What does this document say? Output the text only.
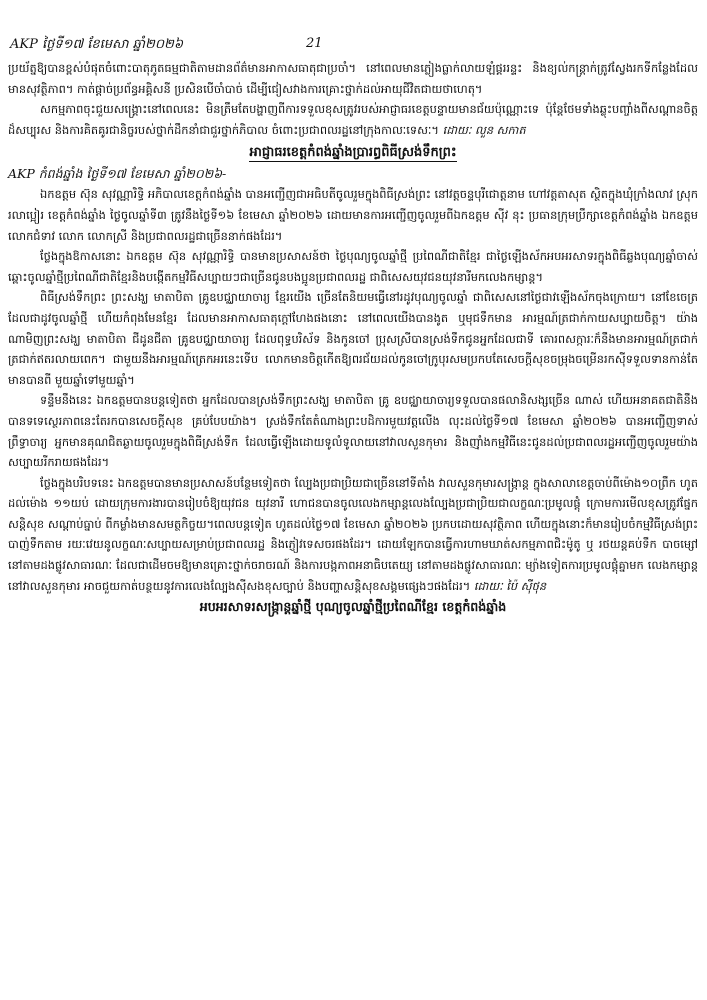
AKP ថ្ងៃទី១៧ ខែមេសា ឆ្នាំ២០២៦	21

ប្រយ័ត្នឱ្យបានខ្ពស់បំផុតចំពោះបាតុភូតធម្មជាតិតាមដានព័ត៌មានអាកាសធាតុជាប្រចាំ។ នៅពេលមានភ្លៀងធ្លាក់លាយឡំផ្គររន្ទះ និងខ្យល់កន្ត្រាក់ត្រូវស្វែងរកទីកន្លែងដែលមានសុវត្ថិភាព។ កាត់ផ្តាច់ប្រព័ន្ធអគ្គិសនី ប្រសិនបើចាំបាច់ ដើម្បីជៀសវាងការគ្រោះថ្នាក់ដល់អាយុជីវិតជាយថាហេតុ។

សកម្មភាពចុះជួយសង្គ្រោះនៅពេលនេះ មិនត្រឹមតែបង្ហាញពីការទទួលខុសត្រូវរបស់អាជ្ញាធរខេត្តបន្ទាយមានជ័យប៉ុណ្ណោះទេ ប៉ុន្តែថែមទាំងឆ្លុះបញ្ចាំងពីសណ្ដានចិត្តដ៏សប្បុរស និងការគិតគូរជានិច្ចរបស់ថ្នាក់ដឹកនាំជាជួរថ្នាក់ភិបាល ចំពោះប្រជាពលរដ្ឋនៅក្រុងកាលៈទេសៈ។ ដោយៈ លួន សកាត

អាជ្ញាធរខេត្តកំពង់ឆ្នាំងប្រារព្ធពិធីស្រង់ទឹកព្រះ
AKP កំពង់ឆ្នាំង ថ្ងៃទី១៧ ខែមេសា ឆ្នាំ២០២៦-

ឯកឧត្តម ស៊ុន សុវណ្ណារិទ្ធិ អភិបាលខេត្តកំពង់ឆ្នាំង បានអញ្ជើញជាអធិបតីចូលរួមក្នុងពិធីស្រង់ព្រះ នៅវត្តចន្ទបុរីជោត្តនាម ហៅវត្តតាសុត ស្ថិតក្នុងឃុំក្រាំងលាវ ស្រុករលាប្អៀរ ខេត្តកំពង់ឆ្នាំង ថ្ងៃចូលឆ្នាំទី៣ ត្រូវនឹងថ្ងៃទី១៦ ខែមេសា ឆ្នាំ២០២៦ ដោយមានការអញ្ជើញចូលរួមពីឯកឧត្តម ស៊ីវ នុះ ប្រធានក្រុមប្រឹក្សាខេត្តកំពង់ឆ្នាំង ឯកឧត្តមលោកជំទាវ លោក លោកស្រី និងប្រជាពលរដ្ឋជាច្រើននាក់ផងដែរ។

ថ្លែងក្នុងឱកាសនោះ ឯកឧត្តម ស៊ុន សុវណ្ណារិទ្ធិ បានមានប្រសាសន៍ថា ថ្ងៃបុណ្យចូលឆ្នាំថ្មី ប្រពៃណីជាតិខ្មែរ ជាថ្ងៃឡើងស័កអបអរសាទរក្នុងពិធីឆ្លងបុណ្យឆ្នាំចាស់ឆ្ពោះចូលឆ្នាំថ្មីប្រពៃណីជាតិខ្មែរនិងបង្កើតកម្មវិធីសប្បាយៗជាច្រើនជូនបងប្អូនប្រជាពលរដ្ឋ ជាពិសេសយុវជនយុវនារីមកលេងកម្សាន្ត។

ពិធីស្រង់ទឹកព្រះ ព្រះសង្ឃ មាតាបិតា គ្រូឧបជ្ឈាយាចារ្យ ខ្មែរយើង ច្រើនតែនិយមធ្វើនៅរដូវបុណ្យចូលឆ្នាំ ជាពិសេសនៅថ្ងៃជាវឡើងស័កចុងក្រោយ។ នៅខែចេត្រ ដែលជាដូវចូលឆ្នាំថ្មី ហើយកំពុងមែនខ្មែរ ដែលមានអាកាសធាតុក្តៅហែងផងនោះ នៅពេលយើងបានងូត ឬមុជទឹកមាន អារម្មណ៍ត្រជាក់កាយសប្បាយចិត្ត។ យ៉ាង ណាមិញព្រះសង្ឃ មាតាបិតា ជីដូនជីតា គ្រូឧបជ្ឈាយាចារ្យ ដែលពុទ្ធបរិស័ទ និងកូនចៅ ប្រុសស្រីបានស្រង់ទឹកជូនអ្នកដែលជាទី គោរពសក្ការៈក៏នឹងមានអារម្មណ៍ត្រជាក់ ត្រជាក់ឥតរលាយពេក។ ជាមួយនឹងអារម្មណ៍ត្រេកអរនេះទើប លោកមានចិត្តកើតឱ្យពរជ័យដល់កូនចៅក្រូបុរសមប្រកបតែសេចក្តីសុខចម្រុងចម្រើនរកស៊ីទទួលទានកាន់តែមានបានពី មួយឆ្នាំទៅមួយឆ្នាំ។

ទន្ទឹមនឹងនេះ ឯកឧត្តមបានបន្តទៀតថា អ្នកដែលបានស្រង់ទឹកព្រះសង្ឃ មាតាបិតា គ្រូ ឧបជ្ឈាយាចារ្យទទួលបានផលានិសង្សច្រើន ណាស់ ហើយអនាគតជាតិនឹងបានទទេស្ថេរភាពនេះតែរកបានសេចក្តីសុខ គ្រប់បែបយ៉ាង។ ស្រង់ទឹកតែតំណាងព្រះបដិការមួយវត្តលើង លុះដល់ថ្ងៃទី១៧ ខែមេសា ឆ្នាំ២០២៦ បានអញ្ជើញទាស់ព្រឹទ្ធាចារ្យ អ្នកមានគុណជិតឆ្ងាយចូលរួមក្នុងពិធីស្រង់ទឹក ដែលធ្វើឡើងដោយទូលំទូលាយនៅវាលសួនកុមារ និងញ៉ាំងកម្មវិធីនេះជូនដល់ប្រជាពលរដ្ឋអញ្ជើញចូលរួមយ៉ាងសប្បាយរីករាយផងដែរ។

ថ្លែងក្នុងបរិបទនេះ ឯកឧត្តមបានមានប្រសាសន៍បន្ថែមទៀតថា ល្បែងប្រជាប្រិយជាច្រើននៅទីតាំង វាលសួនកុមារសង្ក្រាន្ត ក្នុងសាលាខេត្តចាប់ពីម៉ោង១០ព្រឹក ហូតដល់ម៉ោង ១១យប់ ដោយក្រុមការងារបានរៀបចំឱ្យយុវជន យុវនារី ហោជនបានចូលលេងកម្សាន្តលេងល្បែងប្រជាប្រិយជាលក្ខណៈប្រមូលផ្តុំ ក្រោមការមើលខុសត្រូវផ្នែកសន្តិសុខ សណ្ដាប់ធ្នាប់ ពីកម្លាំងមានសមត្ថកិច្ចយ។ពេលបន្តទៀត ហូតដល់ថ្ងៃ១៧ ខែមេសា ឆ្នាំ២០២៦ ប្រកបដោយសុវត្ថិភាព ហើយក្នុងនោះក៏មានរៀបចំកម្មវិធីស្រង់ព្រះ បាញ់ទឹកតាម រយៈវេយនូលក្ខណៈសប្បាយសម្រាប់ប្រជាពលរដ្ឋ និងភ្ញៀវទេសចរផងដែរ។ ដោយឡែកបានធ្វើការហាមឃាត់សកម្មភាពជិះម៉ូតូ ឬ រថយន្តគប់ទឹក បាចម្សៅ នៅតាមដងផ្លូវសាធារណៈ ដែលជាដើមចមឱ្យមានគ្រោះថ្នាក់ចរាចរណ៍ និងការបង្កភាពអនាធិបតេយ្យ នៅតាមដងផ្លូវសាធារណៈ ម្យ៉ាងទៀតការប្រមូលផ្តុំគ្នាមក លេងកម្សាន្តនៅវាលសួនកុមារ អាចជួយកាត់បន្ថយនូវការលេងល្បែងស៊ីសងខុសច្បាប់ និងបញ្ហាសន្តិសុខសង្គមផ្សេងៗផងដែរ។ ដោយៈ ប៉ៃ ស៊ីថុន

អបអរសាទរសង្ក្រាន្តឆ្នាំថ្មី បុណ្យចូលឆ្នាំថ្មីប្រពៃណីខ្មែរ ខេត្តកំពង់ឆ្នាំង
